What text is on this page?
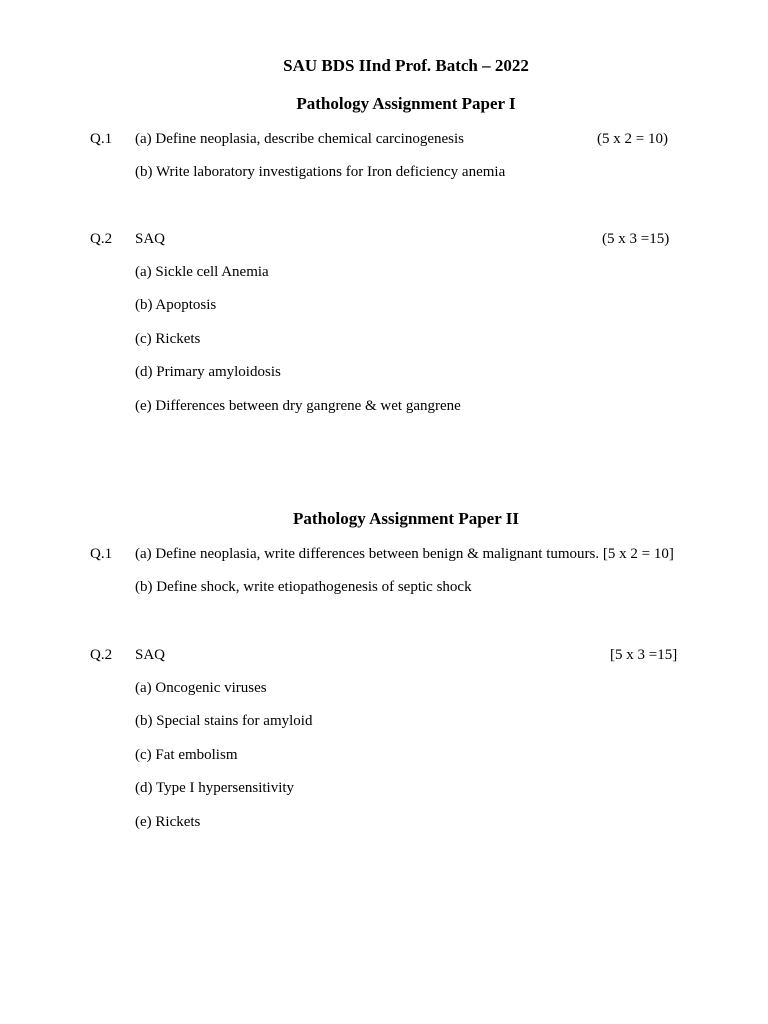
SAU BDS IInd Prof. Batch – 2022
Pathology Assignment Paper I
Q.1 (a) Define neoplasia, describe chemical carcinogenesis	(5 x 2 = 10)
(b) Write laboratory investigations for Iron deficiency anemia
Q.2 SAQ	(5 x 3 =15)
(a) Sickle cell Anemia
(b) Apoptosis
(c) Rickets
(d) Primary amyloidosis
(e) Differences between dry gangrene & wet gangrene
Pathology Assignment Paper II
Q.1 (a) Define neoplasia, write differences between benign & malignant tumours. [5 x 2 = 10]
(b) Define shock, write etiopathogenesis of septic shock
Q.2 SAQ	[5 x 3 =15]
(a) Oncogenic viruses
(b) Special stains for amyloid
(c) Fat embolism
(d) Type I hypersensitivity
(e) Rickets
